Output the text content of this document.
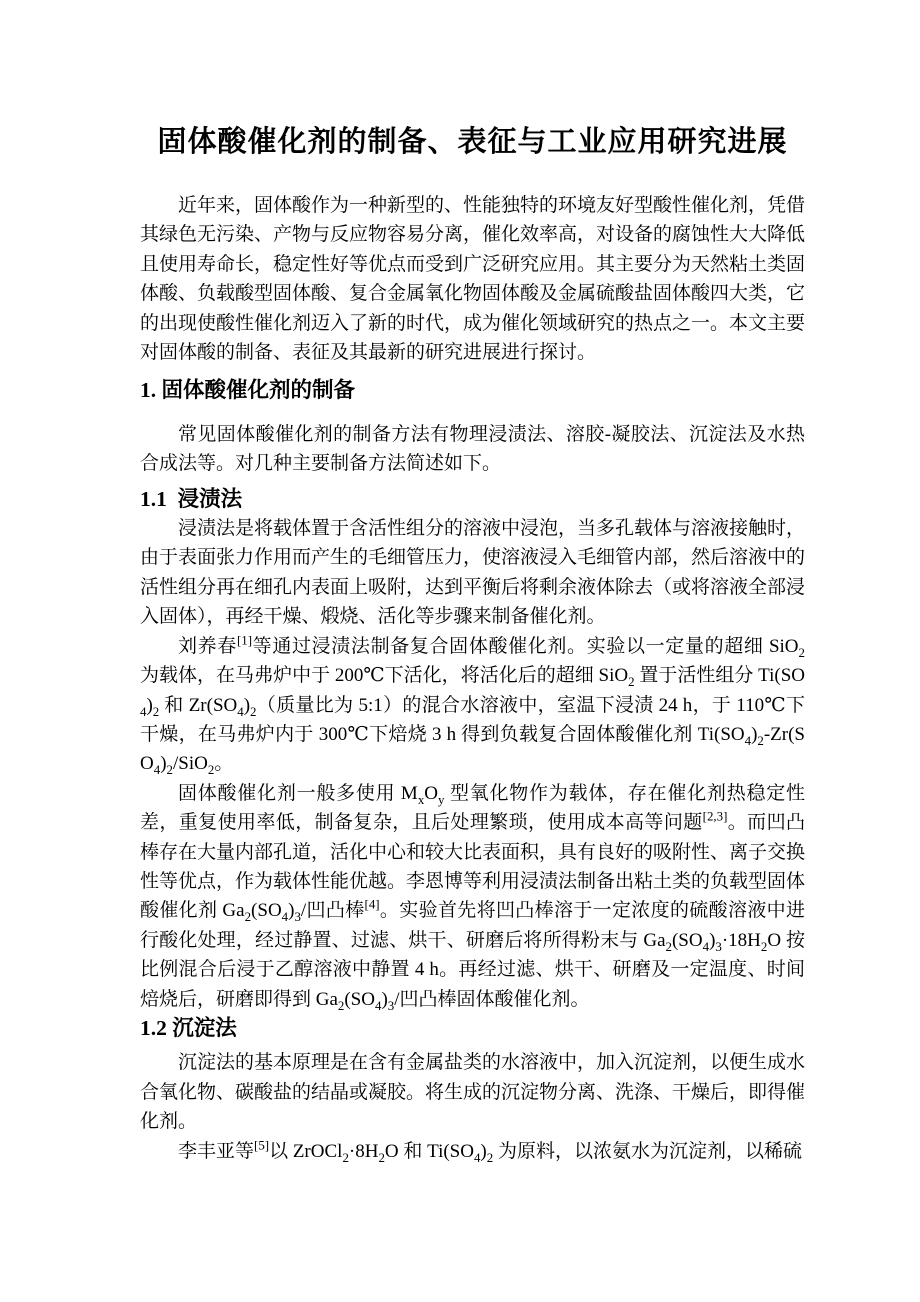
固体酸催化剂的制备、表征与工业应用研究进展

近年来，固体酸作为一种新型的、性能独特的环境友好型酸性催化剂，凭借其绿色无污染、产物与反应物容易分离，催化效率高，对设备的腐蚀性大大降低且使用寿命长，稳定性好等优点而受到广泛研究应用。其主要分为天然粘土类固体酸、负载酸型固体酸、复合金属氧化物固体酸及金属硫酸盐固体酸四大类，它的出现使酸性催化剂迈入了新的时代，成为催化领域研究的热点之一。本文主要对固体酸的制备、表征及其最新的研究进展进行探讨。

1. 固体酸催化剂的制备

常见固体酸催化剂的制备方法有物理浸渍法、溶胶-凝胶法、沉淀法及水热合成法等。对几种主要制备方法简述如下。

1.1  浸渍法

浸渍法是将载体置于含活性组分的溶液中浸泡，当多孔载体与溶液接触时，由于表面张力作用而产生的毛细管压力，使溶液浸入毛细管内部，然后溶液中的活性组分再在细孔内表面上吸附，达到平衡后将剩余液体除去（或将溶液全部浸入固体），再经干燥、煅烧、活化等步骤来制备催化剂。

刘养春[1]等通过浸渍法制备复合固体酸催化剂。实验以一定量的超细 SiO$_2$ 为载体，在马弗炉中于 200℃下活化，将活化后的超细 SiO$_2$ 置于活性组分 $Ti(SO_4)_2$ 和 $Zr(SO_4)_2$（质量比为 5:1）的混合水溶液中，室温下浸渍 24 h，于 110℃下干燥，在马弗炉内于 300℃下焙烧 3 h 得到负载复合固体酸催化剂 $Ti(SO_4)_2-Zr(SO_4)_2/SiO_2$。

固体酸催化剂一般多使用 $M_xO_y$ 型氧化物作为载体，存在催化剂热稳定性差，重复使用率低，制备复杂，且后处理繁琐，使用成本高等问题[2,3]。而凹凸棒存在大量内部孔道，活化中心和较大比表面积，具有良好的吸附性、离子交换性等优点，作为载体性能优越。李恩博等利用浸渍法制备出粘土类的负载型固体酸催化剂 $Ga_2(SO_4)_3/$凹凸棒[4]。实验首先将凹凸棒溶于一定浓度的硫酸溶液中进行酸化处理，经过静置、过滤、烘干、研磨后将所得粉末与 $Ga_2(SO_4)_3\cdot 18H_2O$ 按比例混合后浸于乙醇溶液中静置 4 h。再经过滤、烘干、研磨及一定温度、时间焙烧后，研磨即得到 $Ga_2(SO_4)_3/$凹凸棒固体酸催化剂。

1.2 沉淀法

沉淀法的基本原理是在含有金属盐类的水溶液中，加入沉淀剂，以便生成水合氧化物、碳酸盐的结晶或凝胶。将生成的沉淀物分离、洗涤、干燥后，即得催化剂。

李丰亚等[5]以 $ZrOCl_2\cdot 8H_2O$ 和 $Ti(SO_4)_2$ 为原料，以浓氨水为沉淀剂，以稀硫
